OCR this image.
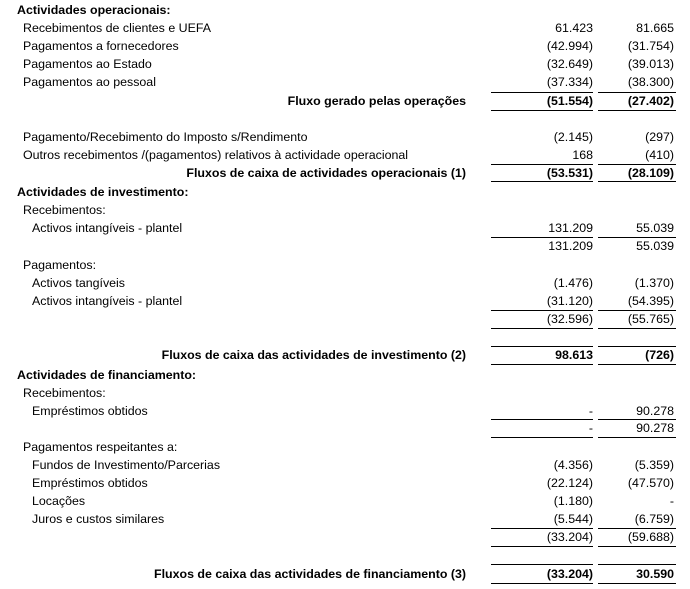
Actividades operacionais:
Recebimentos de clientes e UEFA	61.423	81.665
Pagamentos a fornecedores	(42.994)	(31.754)
Pagamentos ao Estado	(32.649)	(39.013)
Pagamentos ao pessoal	(37.334)	(38.300)
Fluxo gerado pelas operações	(51.554)	(27.402)
Pagamento/Recebimento do Imposto s/Rendimento	(2.145)	(297)
Outros recebimentos /(pagamentos) relativos à actividade operacional	168	(410)
Fluxos de caixa de actividades operacionais (1)	(53.531)	(28.109)
Actividades de investimento:
Recebimentos:
Activos intangíveis - plantel	131.209	55.039
131.209	55.039
Pagamentos:
Activos tangíveis	(1.476)	(1.370)
Activos intangíveis - plantel	(31.120)	(54.395)
(32.596)	(55.765)
Fluxos de caixa das actividades de investimento (2)	98.613	(726)
Actividades de financiamento:
Recebimentos:
Empréstimos obtidos	-	90.278
-	90.278
Pagamentos respeitantes a:
Fundos de Investimento/Parcerias	(4.356)	(5.359)
Empréstimos obtidos	(22.124)	(47.570)
Locações	(1.180)	-
Juros e custos similares	(5.544)	(6.759)
(33.204)	(59.688)
Fluxos de caixa das actividades de financiamento (3)	(33.204)	30.590
